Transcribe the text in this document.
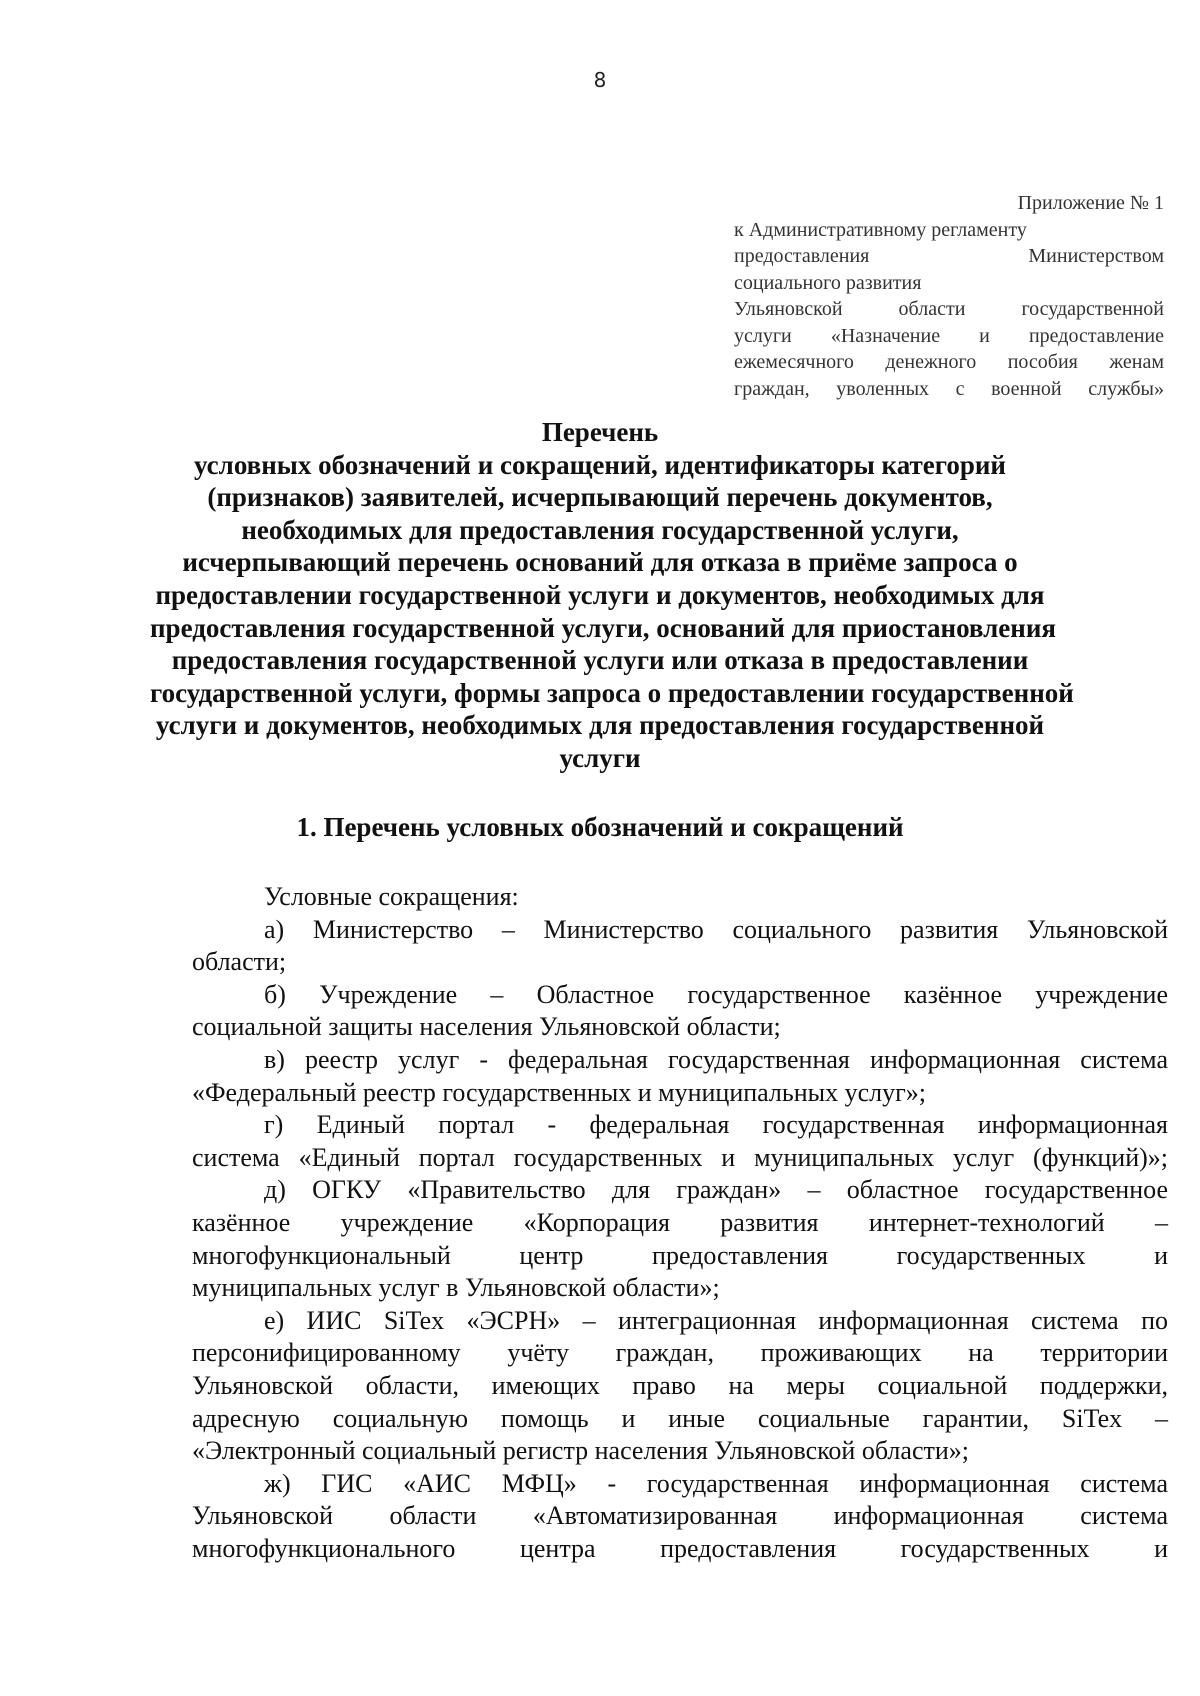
8
Приложение № 1
к Административному регламенту
предоставления Министерством
социального развития
Ульяновской области государственной
услуги «Назначение и предоставление
ежемесячного денежного пособия женам
граждан, уволенных с военной службы»
Перечень
условных обозначений и сокращений, идентификаторы категорий
(признаков) заявителей, исчерпывающий перечень документов,
необходимых для предоставления государственной услуги,
исчерпывающий перечень оснований для отказа в приёме запроса о
предоставлении государственной услуги и документов, необходимых для
предоставления государственной услуги, оснований для приостановления
предоставления государственной услуги или отказа в предоставлении
государственной услуги, формы запроса о предоставлении государственной
услуги и документов, необходимых для предоставления государственной
услуги
1. Перечень условных обозначений и сокращений
Условные сокращения:
а) Министерство – Министерство социального развития Ульяновской
области;
б) Учреждение – Областное государственное казённое учреждение
социальной защиты населения Ульяновской области;
в) реестр услуг - федеральная государственная информационная система
«Федеральный реестр государственных и муниципальных услуг»;
г) Единый портал - федеральная государственная информационная
система «Единый портал государственных и муниципальных услуг (функций)»;
д) ОГКУ «Правительство для граждан» – областное государственное
казённое учреждение «Корпорация развития интернет-технологий –
многофункциональный центр предоставления государственных и
муниципальных услуг в Ульяновской области»;
е) ИИС SiTex «ЭСРН» – интеграционная информационная система по
персонифицированному учёту граждан, проживающих на территории
Ульяновской области, имеющих право на меры социальной поддержки,
адресную социальную помощь и иные социальные гарантии, SiTex –
«Электронный социальный регистр населения Ульяновской области»;
ж) ГИС «АИС МФЦ» - государственная информационная система
Ульяновской области «Автоматизированная информационная система
многофункционального центра предоставления государственных и
